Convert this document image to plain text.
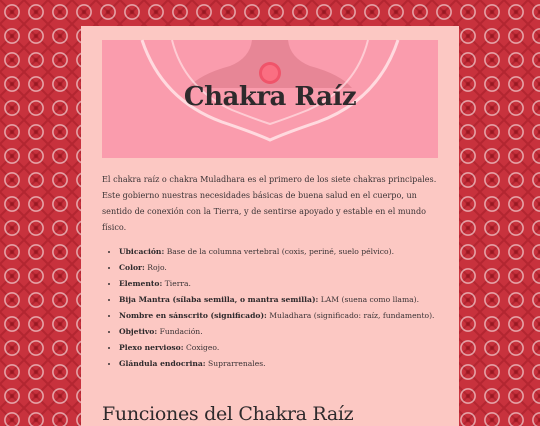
Chakra Raíz

El chakra raíz o chakra Muladhara es el primero de los siete chakras principales. Este gobierno nuestras necesidades básicas de buena salud en el cuerpo, un sentido de conexión con la Tierra, y de sentirse apoyado y estable en el mundo físico.

• Ubicación: Base de la columna vertebral (coxis, periné, suelo pélvico).
• Color: Rojo.
• Elemento: Tierra.
• Bija Mantra (sílaba semilla, o mantra semilla): LAM (suena como llama).
• Nombre en sánscrito (significado): Muladhara (significado: raíz, fundamento).
• Objetivo: Fundación.
• Plexo nervioso: Coxigeo.
• Glándula endocrina: Suprarrenales.
Funciones del Chakra Raíz
